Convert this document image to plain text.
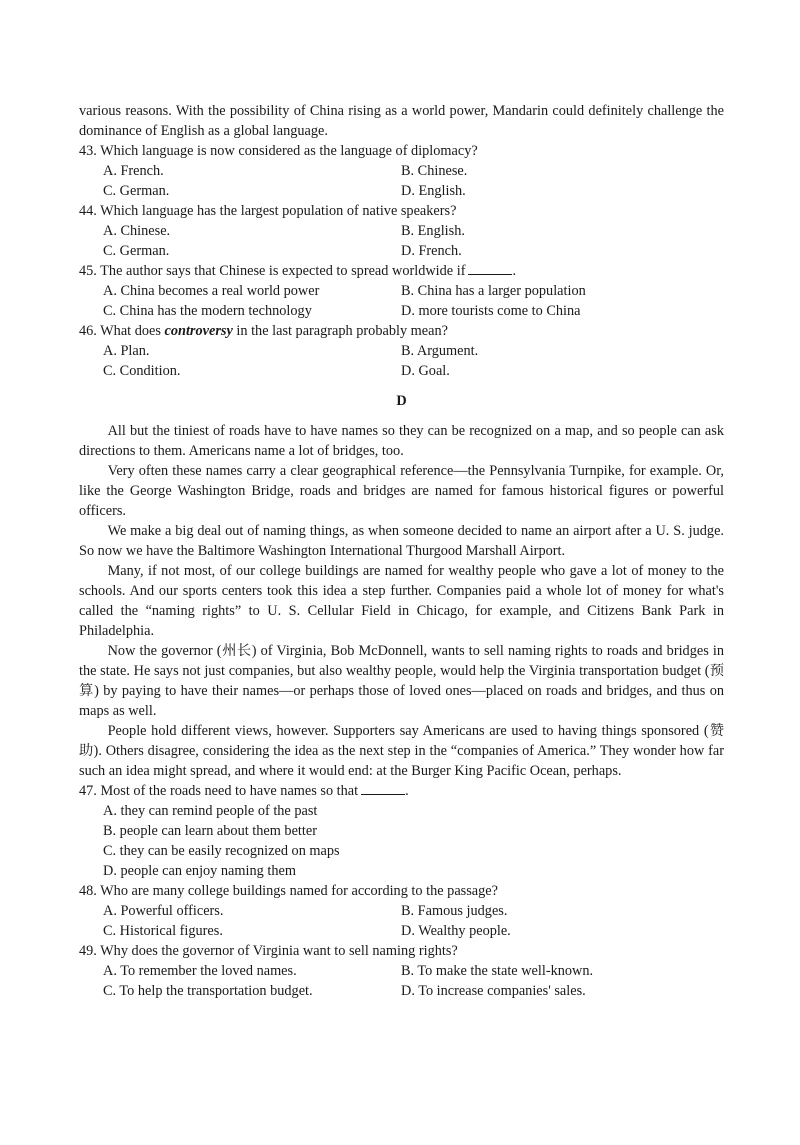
various reasons. With the possibility of China rising as a world power, Mandarin could definitely challenge the dominance of English as a global language.

43. Which language is now considered as the language of diplomacy?

A. French.	B. Chinese.

C. German.	D. English.

44. Which language has the largest population of native speakers?

A. Chinese.	B. English.

C. German.	D. French.

45. The author says that Chinese is expected to spread worldwide if	.

A. China becomes a real world power	B. China has a larger population

C. China has the modern technology	D. more tourists come to China

46. What does controversy in the last paragraph probably mean?

A. Plan.	B. Argument.

C. Condition.	D. Goal.

D

All but the tiniest of roads have to have names so they can be recognized on a map, and so people can ask directions to them. Americans name a lot of bridges, too.

Very often these names carry a clear geographical reference—the Pennsylvania Turnpike, for example. Or, like the George Washington Bridge, roads and bridges are named for famous historical figures or powerful officers.

We make a big deal out of naming things, as when someone decided to name an airport after a U. S. judge. So now we have the Baltimore Washington International Thurgood Marshall Airport.

Many, if not most, of our college buildings are named for wealthy people who gave a lot of money to the schools. And our sports centers took this idea a step further. Companies paid a whole lot of money for what's called the “naming rights” to U. S. Cellular Field in Chicago, for example, and Citizens Bank Park in Philadelphia.

Now the governor (州长) of Virginia, Bob McDonnell, wants to sell naming rights to roads and bridges in the state. He says not just companies, but also wealthy people, would help the Virginia transportation budget (预算) by paying to have their names—or perhaps those of loved ones—placed on roads and bridges, and thus on maps as well.

People hold different views, however. Supporters say Americans are used to having things sponsored (赞助). Others disagree, considering the idea as the next step in the “companies of America.” They wonder how far such an idea might spread, and where it would end: at the Burger King Pacific Ocean, perhaps.

47. Most of the roads need to have names so that	.

A. they can remind people of the past

B. people can learn about them better

C. they can be easily recognized on maps

D. people can enjoy naming them

48. Who are many college buildings named for according to the passage?

A. Powerful officers.	B. Famous judges.

C. Historical figures.	D. Wealthy people.

49. Why does the governor of Virginia want to sell naming rights?

A. To remember the loved names.	B. To make the state well-known.

C. To help the transportation budget.	D. To increase companies' sales.
